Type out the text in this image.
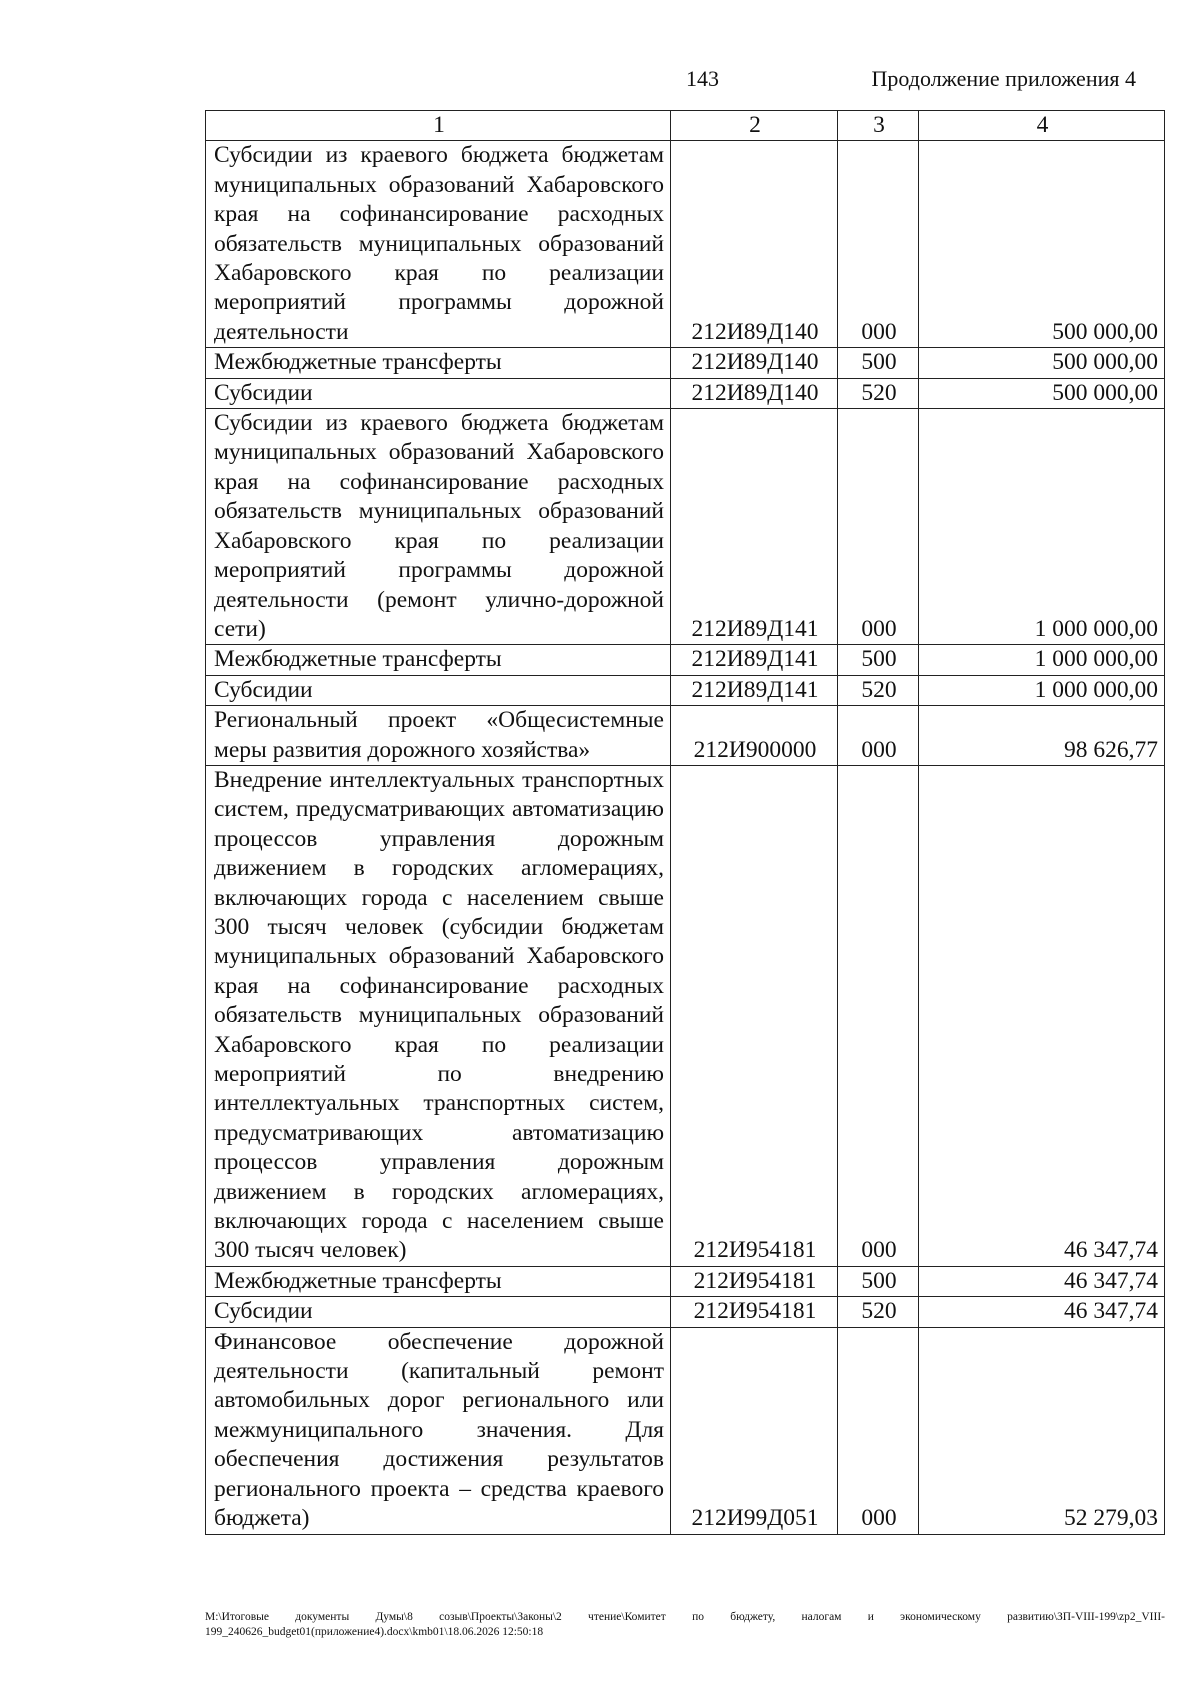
143	Продолжение приложения 4
1	2	3	4
Субсидии из краевого бюджета бюджетам муниципальных образований Хабаровского края на софинансирование расходных обязательств муниципальных образований Хабаровского края по реализации мероприятий программы дорожной деятельности	212И89Д140	000	500 000,00
Межбюджетные трансферты	212И89Д140	500	500 000,00
Субсидии	212И89Д140	520	500 000,00
Субсидии из краевого бюджета бюджетам муниципальных образований Хабаровского края на софинансирование расходных обязательств муниципальных образований Хабаровского края по реализации мероприятий программы дорожной деятельности (ремонт улично-дорожной сети)	212И89Д141	000	1 000 000,00
Межбюджетные трансферты	212И89Д141	500	1 000 000,00
Субсидии	212И89Д141	520	1 000 000,00
Региональный проект «Общесистемные меры развития дорожного хозяйства»	212И900000	000	98 626,77
Внедрение интеллектуальных транспортных систем, предусматривающих автоматизацию процессов управления дорожным движением в городских агломерациях, включающих города с населением свыше 300 тысяч человек (субсидии бюджетам муниципальных образований Хабаровского края на софинансирование расходных обязательств муниципальных образований Хабаровского края по реализации мероприятий по внедрению интеллектуальных транспортных систем, предусматривающих автоматизацию процессов управления дорожным движением в городских агломерациях, включающих города с населением свыше 300 тысяч человек)	212И954181	000	46 347,74
Межбюджетные трансферты	212И954181	500	46 347,74
Субсидии	212И954181	520	46 347,74
Финансовое обеспечение дорожной деятельности (капитальный ремонт автомобильных дорог регионального или межмуниципального значения. Для обеспечения достижения результатов регионального проекта – средства краевого бюджета)	212И99Д051	000	52 279,03
M:\Итоговые документы Думы\8 созыв\Проекты\Законы\2 чтение\Комитет по бюджету, налогам и экономическому развитию\ЗП-VIII-199\zp2_VIII-199_240626_budget01(приложение4).docx\kmb01\18.06.2026 12:50:18
